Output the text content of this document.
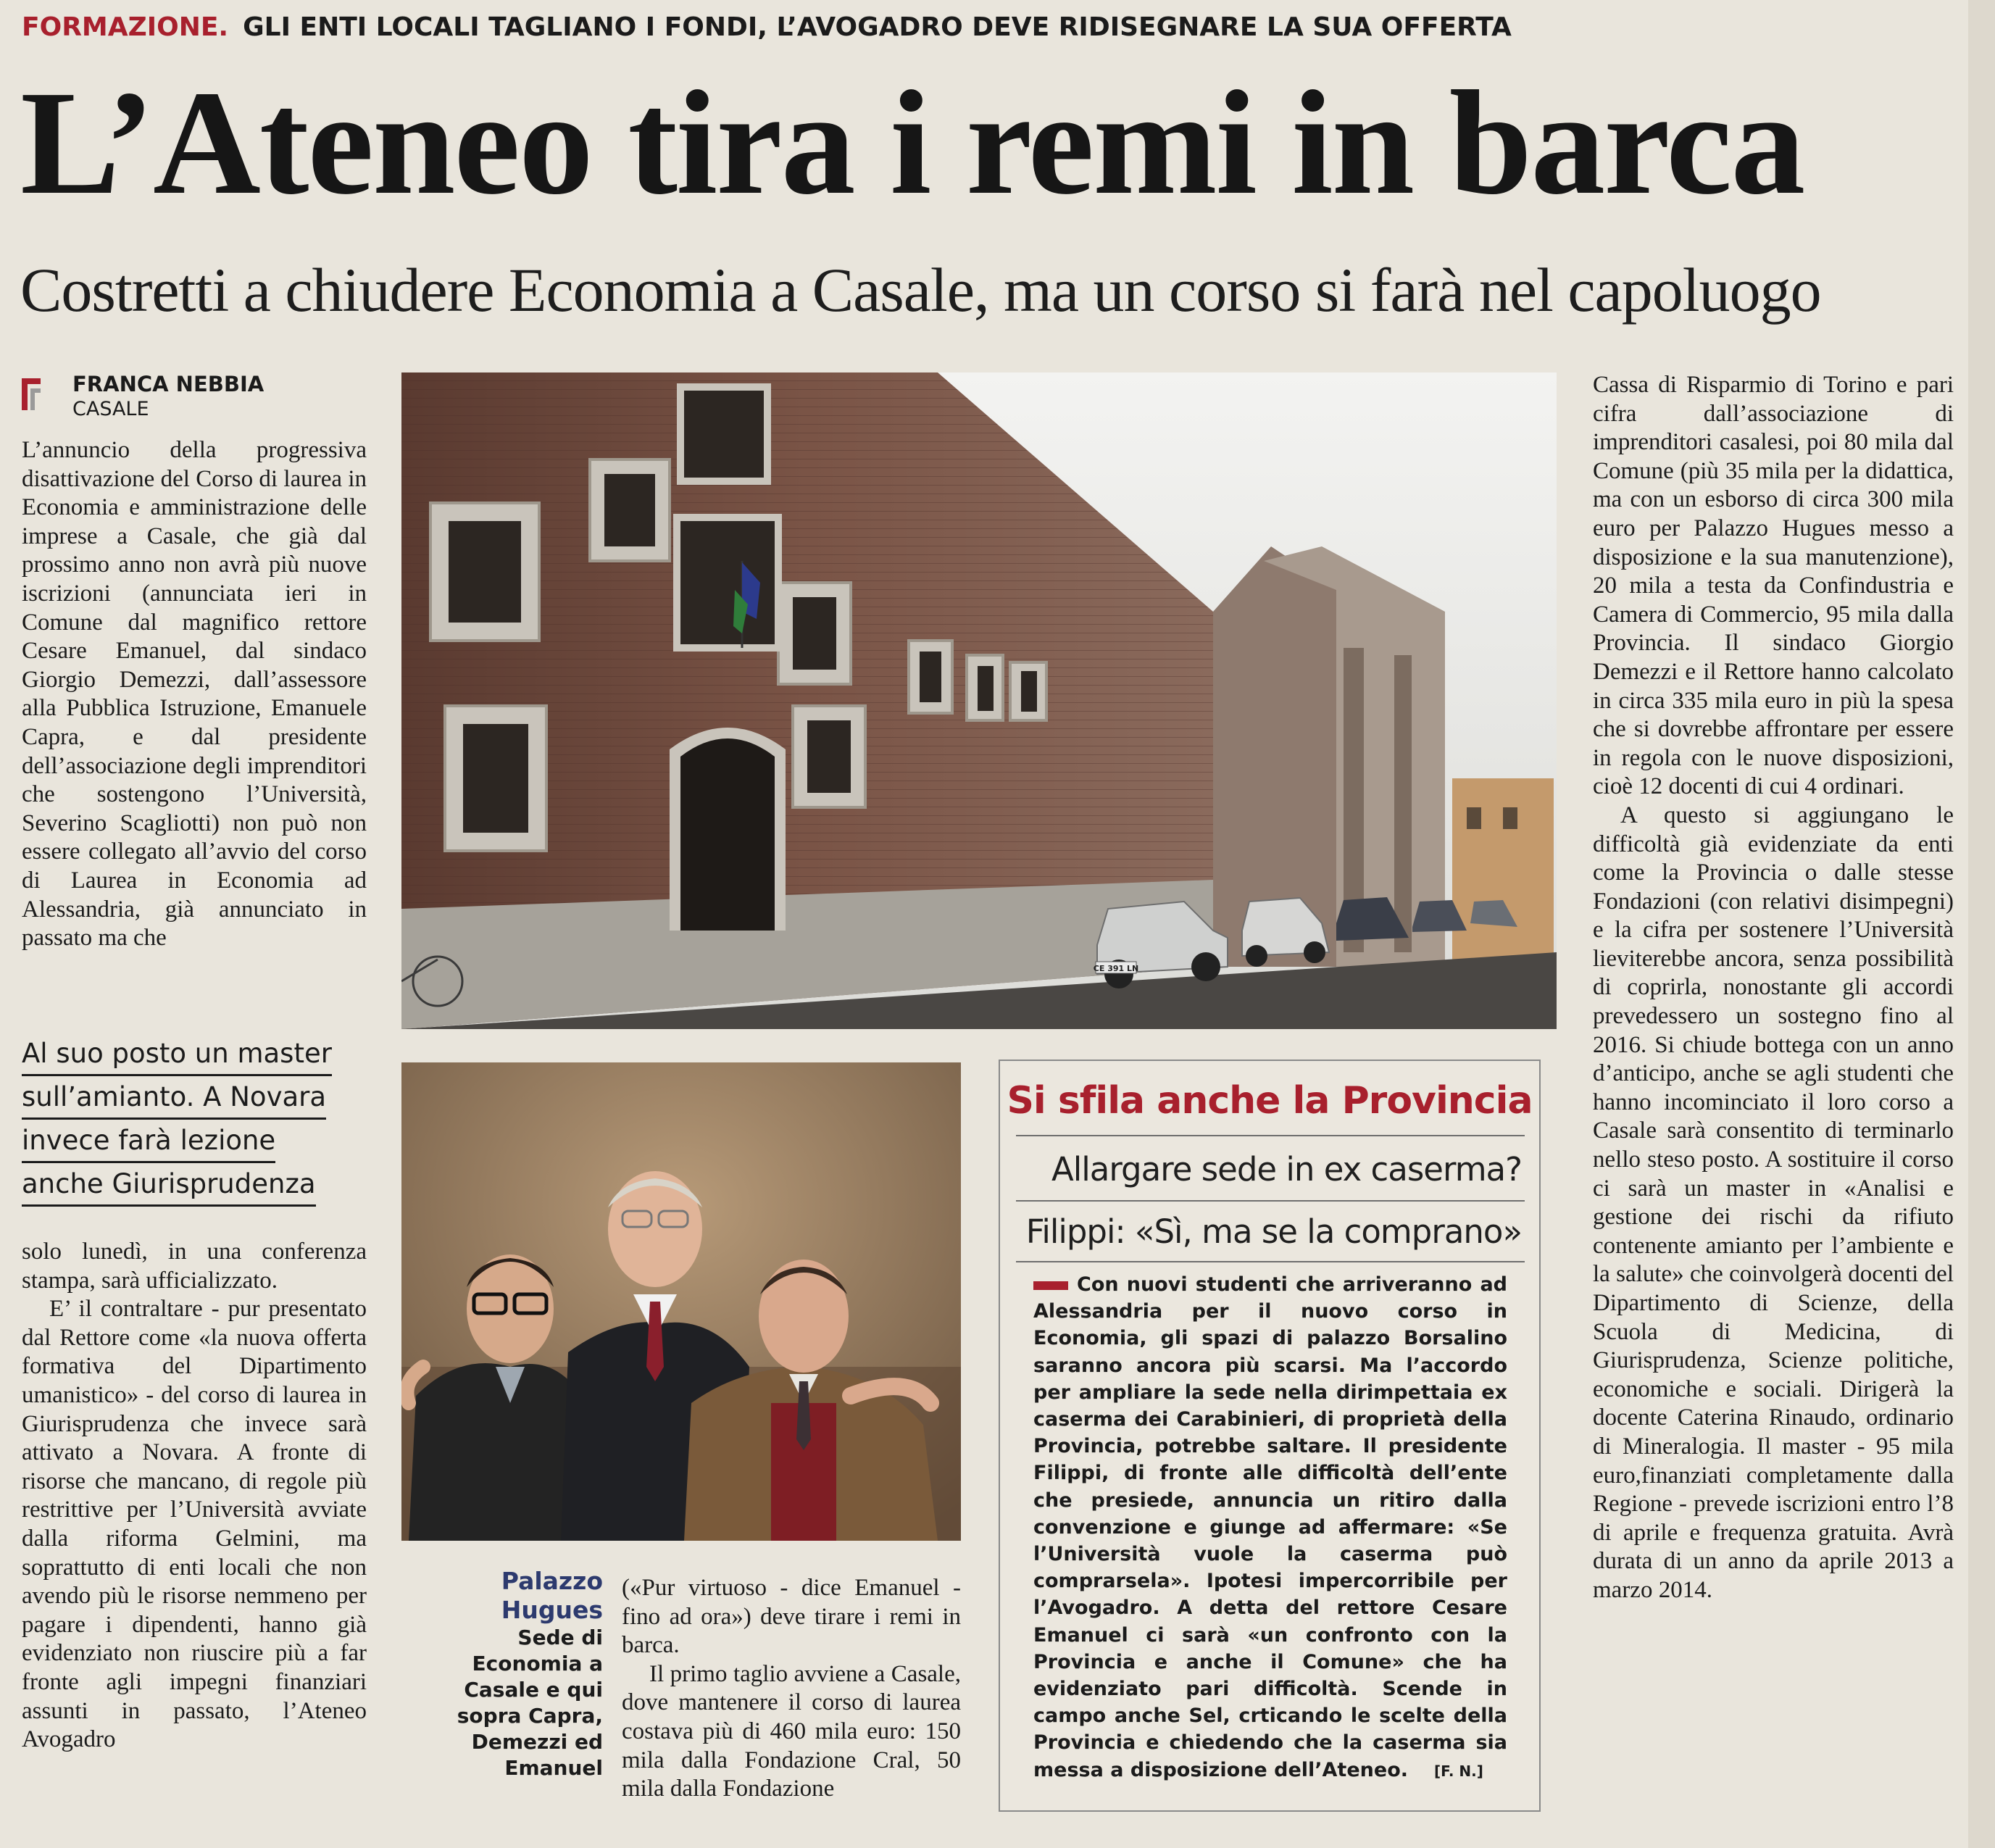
FORMAZIONE. GLI ENTI LOCALI TAGLIANO I FONDI, L’AVOGADRO DEVE RIDISEGNARE LA SUA OFFERTA
L’Ateneo tira i remi in barca
Costretti a chiudere Economia a Casale, ma un corso si farà nel capoluogo
FRANCA NEBBIA
CASALE

L’annuncio della progressiva disattivazione del Corso di laurea in Economia e amministrazione delle imprese a Casale, che già dal prossimo anno non avrà più nuove iscrizioni (annunciata ieri in Comune dal magnifico rettore Cesare Emanuel, dal sindaco Giorgio Demezzi, dall’assessore alla Pubblica Istruzione, Emanuele Capra, e dal presidente dell’associazione degli imprenditori che sostengono l’Università, Severino Scagliotti) non può non essere collegato all’avvio del corso di Laurea in Economia ad Alessandria, già annunciato in passato ma che

Al suo posto un master
sull’amianto. A Novara
invece farà lezione
anche Giurisprudenza

solo lunedì, in una conferenza stampa, sarà ufficializzato.

E’ il contraltare - pur presentato dal Rettore come «la nuova offerta formativa del Dipartimento umanistico» - del corso di laurea in Giurisprudenza che invece sarà attivato a Novara. A fronte di risorse che mancano, di regole più restrittive per l’Università avviate dalla riforma Gelmini, ma soprattutto di enti locali che non avendo più le risorse nemmeno per pagare i dipendenti, hanno già evidenziato non riuscire più a far fronte agli impegni finanziari assunti in passato, l’Ateneo Avogadro

CE 391 LN
Palazzo Hugues
Sede di Economia a Casale e qui sopra Capra, Demezzi ed Emanuel

(«Pur virtuoso - dice Emanuel - fino ad ora») deve tirare i remi in barca.

Il primo taglio avviene a Casale, dove mantenere il corso di laurea costava più di 460 mila euro: 150 mila dalla Fondazione Cral, 50 mila dalla Fondazione

Cassa di Risparmio di Torino e pari cifra dall’associazione di imprenditori casalesi, poi 80 mila dal Comune (più 35 mila per la didattica, ma con un esborso di circa 300 mila euro per Palazzo Hugues messo a disposizione e la sua manutenzione), 20 mila a testa da Confindustria e Camera di Commercio, 95 mila dalla Provincia. Il sindaco Giorgio Demezzi e il Rettore hanno calcolato in circa 335 mila euro in più la spesa che si dovrebbe affrontare per essere in regola con le nuove disposizioni, cioè 12 docenti di cui 4 ordinari.

A questo si aggiungano le difficoltà già evidenziate da enti come la Provincia o dalle stesse Fondazioni (con relativi disimpegni) e la cifra per sostenere l’Università lieviterebbe ancora, senza possibilità di coprirla, nonostante gli accordi prevedessero un sostegno fino al 2016. Si chiude bottega con un anno d’anticipo, anche se agli studenti che hanno incominciato il loro corso a Casale sarà consentito di terminarlo nello steso posto. A sostituire il corso ci sarà un master in «Analisi e gestione dei rischi da rifiuto contenente amianto per l’ambiente e la salute» che coinvolgerà docenti del Dipartimento di Scienze, della Scuola di Medicina, di Giurisprudenza, Scienze politiche, economiche e sociali. Dirigerà la docente Caterina Rinaudo, ordinario di Mineralogia. Il master - 95 mila euro,finanziati completamente dalla Regione - prevede iscrizioni entro l’8 di aprile e frequenza gratuita. Avrà durata di un anno da aprile 2013 a marzo 2014.

Si sfila anche la Provincia
Allargare sede in ex caserma?
Filippi: «Sì, ma se la comprano»
Con nuovi studenti che arriveranno ad Alessandria per il nuovo corso in Economia, gli spazi di palazzo Borsalino saranno ancora più scarsi. Ma l’accordo per ampliare la sede nella dirimpettaia ex caserma dei Carabinieri, di proprietà della Provincia, potrebbe saltare. Il presidente Filippi, di fronte alle difficoltà dell’ente che presiede, annuncia un ritiro dalla convenzione e giunge ad affermare: «Se l’Università vuole la caserma può comprarsela». Ipotesi impercorribile per l’Avogadro. A detta del rettore Cesare Emanuel ci sarà «un confronto con la Provincia e anche il Comune» che ha evidenziato pari difficoltà. Scende in campo anche Sel, crticando le scelte della Provincia e chiedendo che la caserma sia messa a disposizione dell’Ateneo. [F. N.]
